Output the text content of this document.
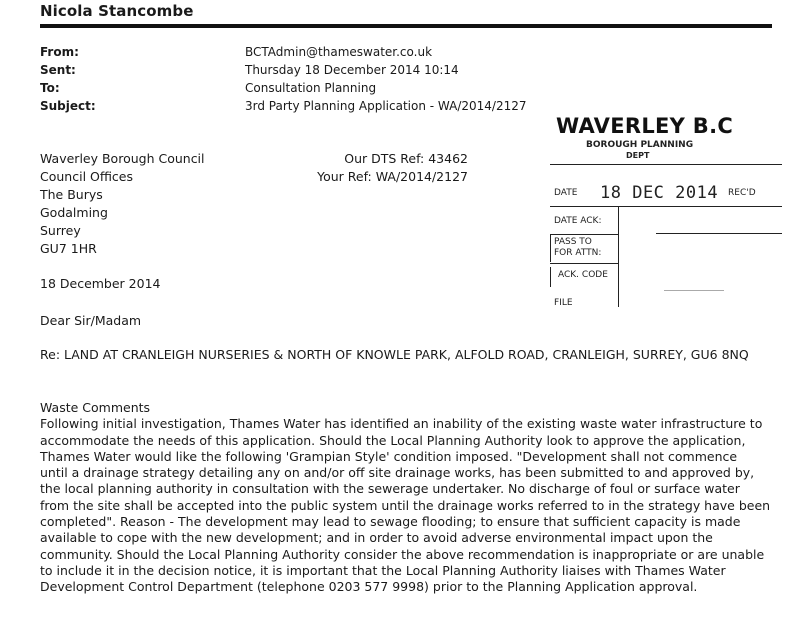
Nicola Stancombe
From:	BCTAdmin@thameswater.co.uk
Sent:	Thursday 18 December 2014 10:14
To:	Consultation Planning
Subject:	3rd Party Planning Application - WA/2014/2127
WAVERLEY B.C
BOROUGH PLANNING
DEPT
DATE 18 DEC 2014 REC'D
DATE ACK:
PASS TO
FOR ATTN:
ACK. CODE
FILE
Waverley Borough Council
Council Offices
The Burys
Godalming
Surrey
GU7 1HR
Our DTS Ref: 43462
Your Ref: WA/2014/2127
18 December 2014
Dear Sir/Madam
Re: LAND AT CRANLEIGH NURSERIES & NORTH OF KNOWLE PARK, ALFOLD ROAD, CRANLEIGH, SURREY, GU6 8NQ
Waste Comments
Following initial investigation, Thames Water has identified an inability of the existing waste water infrastructure to
accommodate the needs of this application. Should the Local Planning Authority look to approve the application,
Thames Water would like the following 'Grampian Style' condition imposed. "Development shall not commence
until a drainage strategy detailing any on and/or off site drainage works, has been submitted to and approved by,
the local planning authority in consultation with the sewerage undertaker. No discharge of foul or surface water
from the site shall be accepted into the public system until the drainage works referred to in the strategy have been
completed". Reason - The development may lead to sewage flooding; to ensure that sufficient capacity is made
available to cope with the new development; and in order to avoid adverse environmental impact upon the
community. Should the Local Planning Authority consider the above recommendation is inappropriate or are unable
to include it in the decision notice, it is important that the Local Planning Authority liaises with Thames Water
Development Control Department (telephone 0203 577 9998) prior to the Planning Application approval.
